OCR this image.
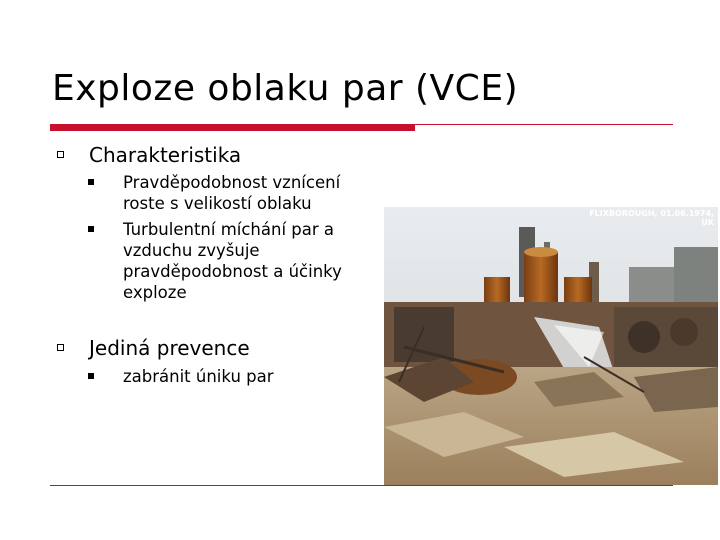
Exploze oblaku par (VCE)
Charakteristika
Pravděpodobnost vznícení roste s velikostí oblaku
Turbulentní míchání par a vzduchu zvyšuje pravděpodobnost a účinky exploze
Jediná prevence
zabránit úniku par
FLIXBOROUGH, 01.06.1974,
UK
